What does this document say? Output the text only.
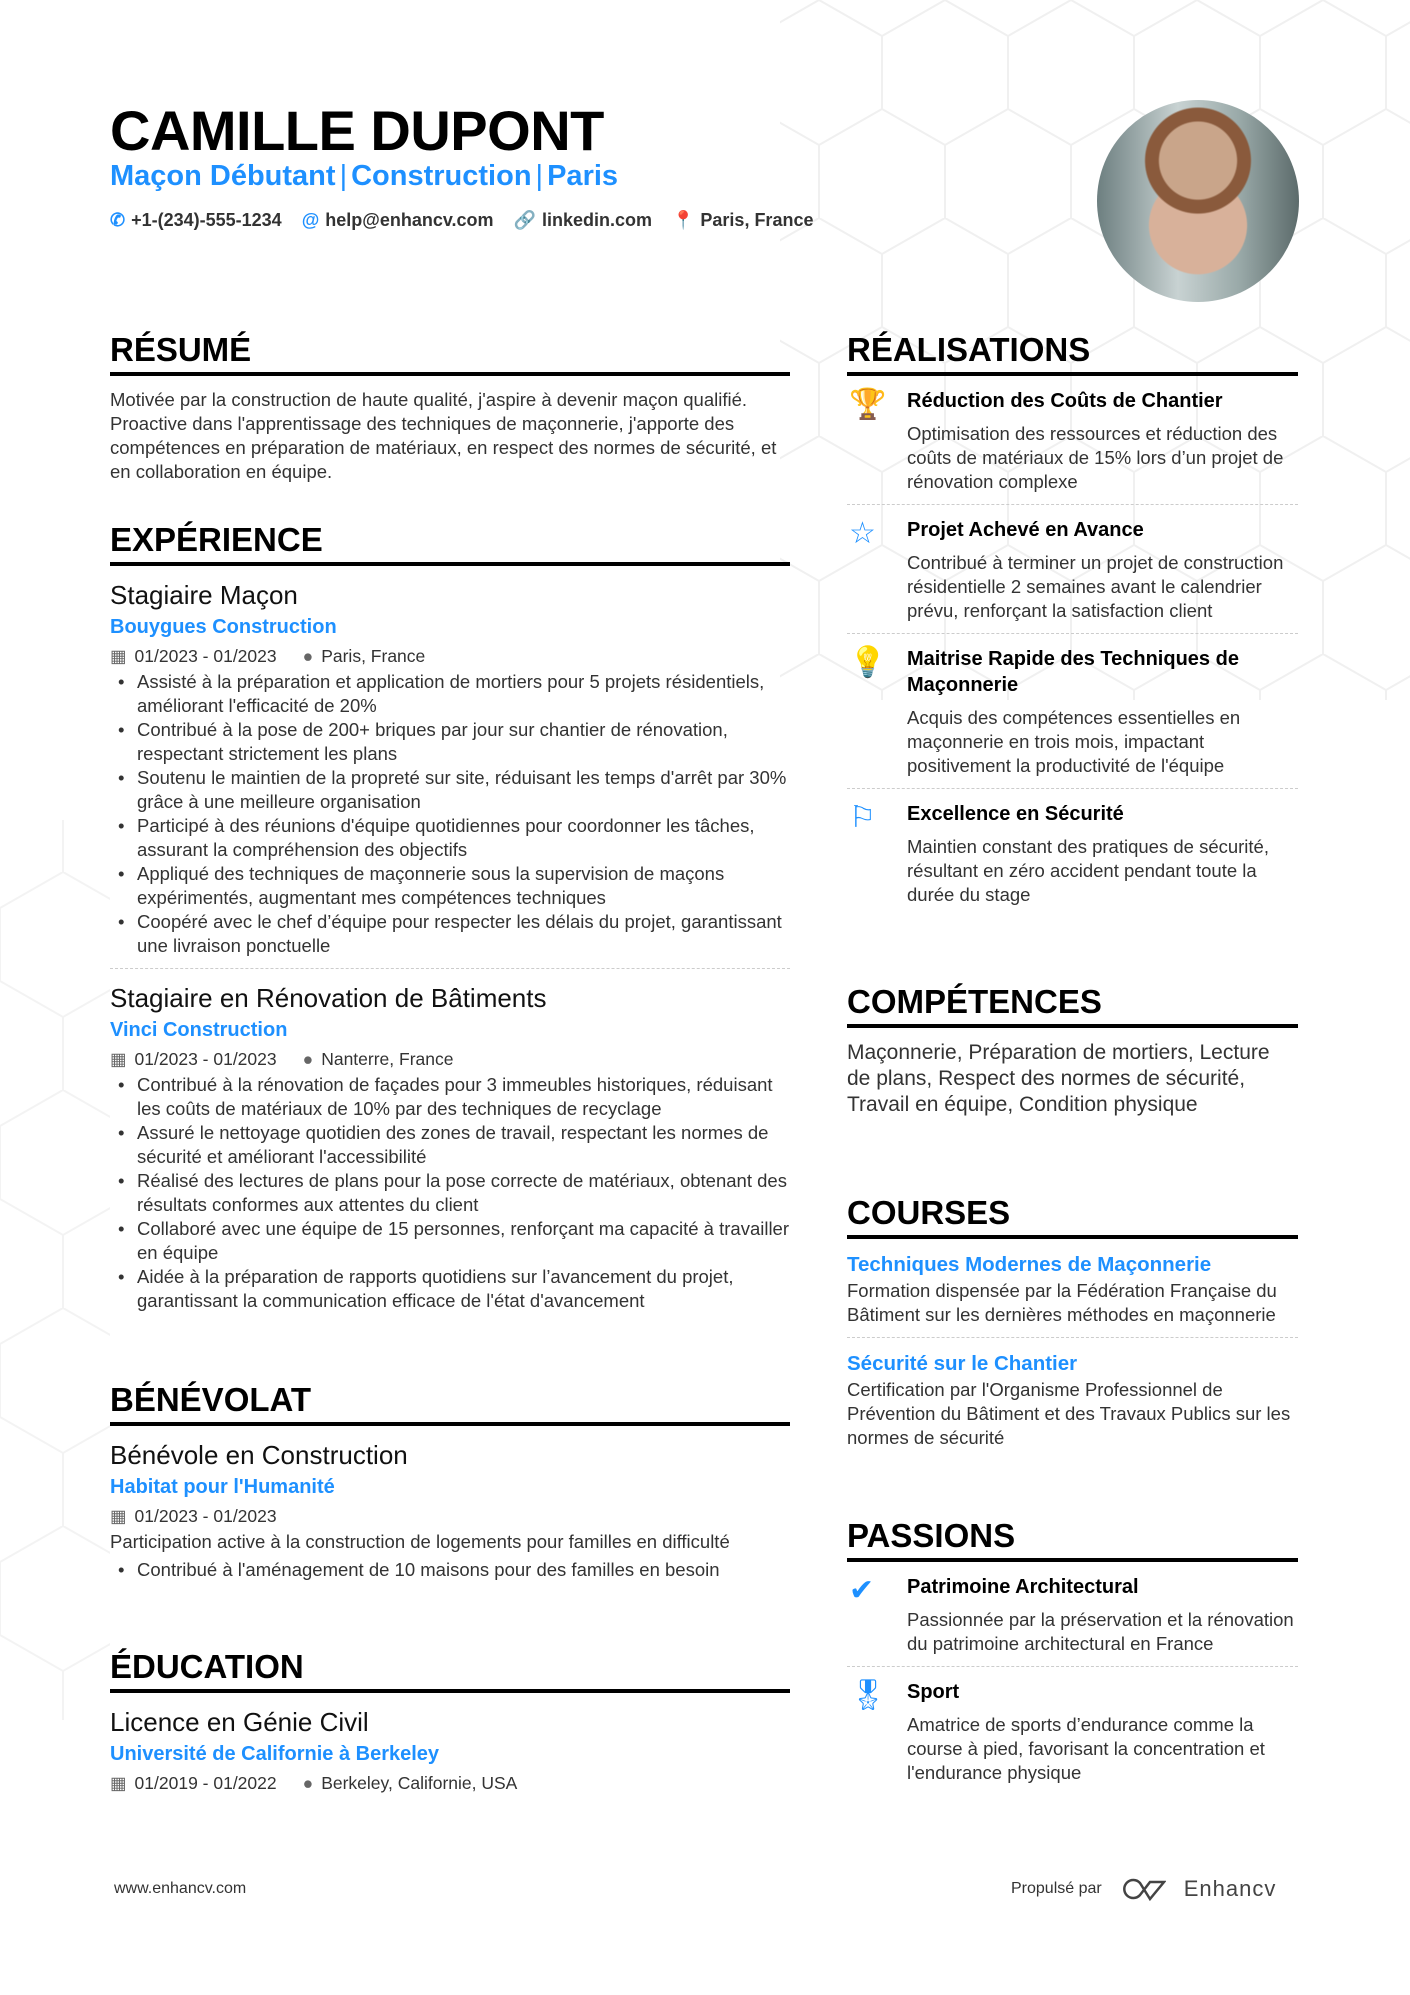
CAMILLE DUPONT
Maçon Débutant | Construction | Paris
✆ +1-(234)-555-1234 @ help@enhancv.com 🔗 linkedin.com 📍 Paris, France
RÉSUMÉ

Motivée par la construction de haute qualité, j'aspire à devenir maçon qualifié. Proactive dans l'apprentissage des techniques de maçonnerie, j'apporte des compétences en préparation de matériaux, en respect des normes de sécurité, et en collaboration en équipe.

EXPÉRIENCE
Stagiaire Maçon
Bouygues Construction
▦ 01/2023 - 01/2023 ● Paris, France
• Assisté à la préparation et application de mortiers pour 5 projets résidentiels, améliorant l'efficacité de 20%
• Contribué à la pose de 200+ briques par jour sur chantier de rénovation, respectant strictement les plans
• Soutenu le maintien de la propreté sur site, réduisant les temps d'arrêt par 30% grâce à une meilleure organisation
• Participé à des réunions d'équipe quotidiennes pour coordonner les tâches, assurant la compréhension des objectifs
• Appliqué des techniques de maçonnerie sous la supervision de maçons expérimentés, augmentant mes compétences techniques
• Coopéré avec le chef d’équipe pour respecter les délais du projet, garantissant une livraison ponctuelle
Stagiaire en Rénovation de Bâtiments
Vinci Construction
▦ 01/2023 - 01/2023 ● Nanterre, France
• Contribué à la rénovation de façades pour 3 immeubles historiques, réduisant les coûts de matériaux de 10% par des techniques de recyclage
• Assuré le nettoyage quotidien des zones de travail, respectant les normes de sécurité et améliorant l'accessibilité
• Réalisé des lectures de plans pour la pose correcte de matériaux, obtenant des résultats conformes aux attentes du client
• Collaboré avec une équipe de 15 personnes, renforçant ma capacité à travailler en équipe
• Aidée à la préparation de rapports quotidiens sur l’avancement du projet, garantissant la communication efficace de l'état d'avancement
BÉNÉVOLAT
Bénévole en Construction
Habitat pour l'Humanité
▦ 01/2023 - 01/2023

Participation active à la construction de logements pour familles en difficulté

• Contribué à l'aménagement de 10 maisons pour des familles en besoin
ÉDUCATION
Licence en Génie Civil
Université de Californie à Berkeley
▦ 01/2019 - 01/2022 ● Berkeley, Californie, USA
RÉALISATIONS
🏆	Réduction des Coûts de Chantier
Optimisation des ressources et réduction des coûts de matériaux de 15% lors d’un projet de rénovation complexe
☆	Projet Achevé en Avance
Contribué à terminer un projet de construction résidentielle 2 semaines avant le calendrier prévu, renforçant la satisfaction client
💡	Maitrise Rapide des Techniques de Maçonnerie
Acquis des compétences essentielles en maçonnerie en trois mois, impactant positivement la productivité de l'équipe
⚐	Excellence en Sécurité
Maintien constant des pratiques de sécurité, résultant en zéro accident pendant toute la durée du stage
COMPÉTENCES

Maçonnerie, Préparation de mortiers, Lecture de plans, Respect des normes de sécurité, Travail en équipe, Condition physique

COURSES
Techniques Modernes de Maçonnerie

Formation dispensée par la Fédération Française du Bâtiment sur les dernières méthodes en maçonnerie

Sécurité sur le Chantier

Certification par l'Organisme Professionnel de Prévention du Bâtiment et des Travaux Publics sur les normes de sécurité

PASSIONS
✔	Patrimoine Architectural
Passionnée par la préservation et la rénovation du patrimoine architectural en France
🎖 Sport
Amatrice de sports d’endurance comme la course à pied, favorisant la concentration et l'endurance physique
www.enhancv.com	Propulsé par	Enhancv
